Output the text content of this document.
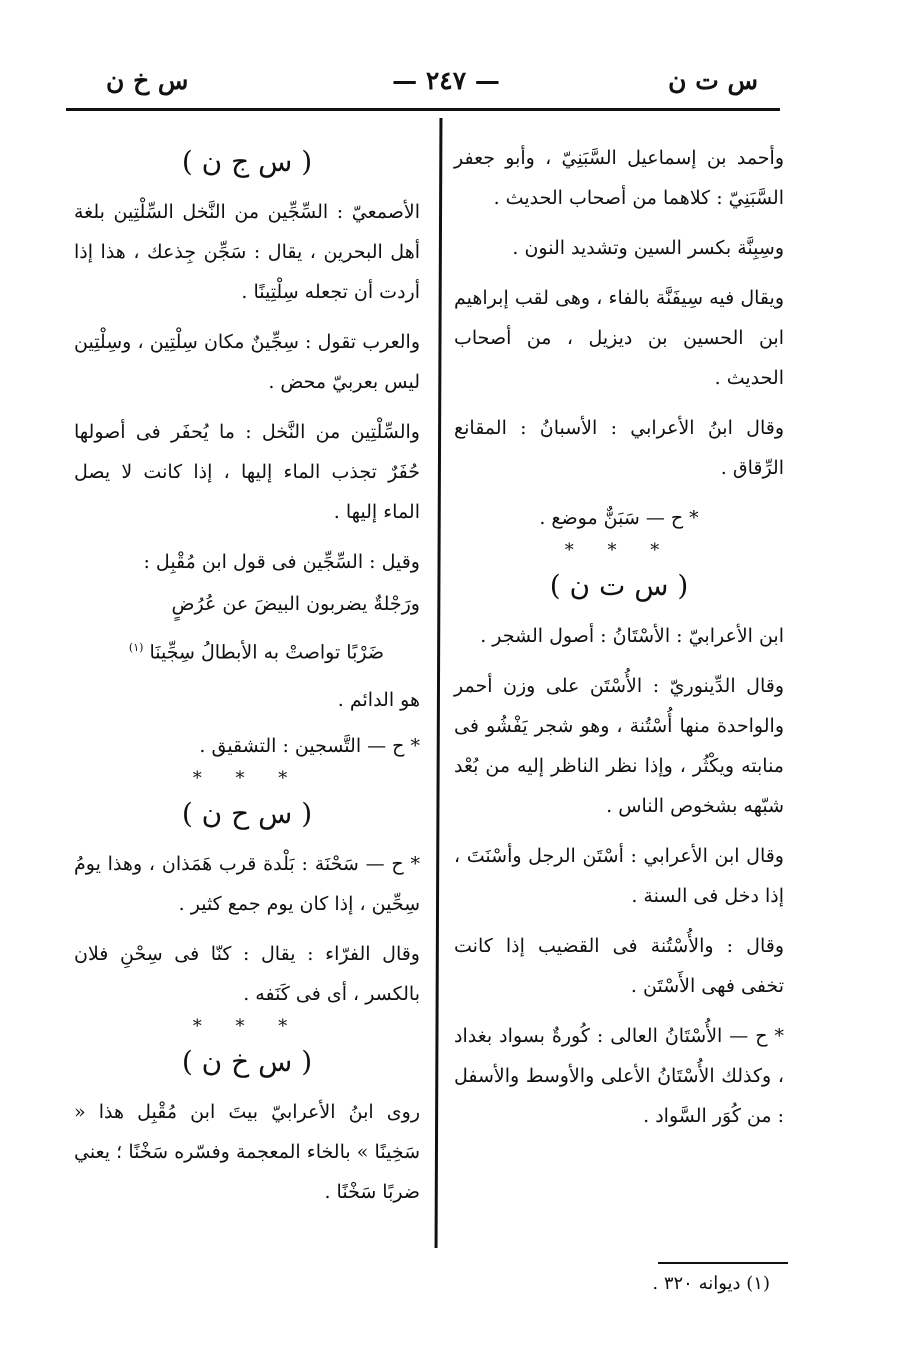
س ت ن
— ٢٤٧ —
س خ ن
وأحمد بن إسماعيل السَّبَنِيّ ، وأبو جعفر السَّبَنِيّ : كلاهما من أصحاب الحديث .
وسِبِنَّة بكسر السين وتشديد النون .
ويقال فيه سِيفَنَّة بالفاء ، وهى لقب إبراهيم ابن الحسين بن ديزيل ، من أصحاب الحديث .
وقال ابنُ الأعرابي : الأسبانُ : المقانع الرِّقاق .
* ح — سَبَنٌّ موضع .
* * *
( س ت ن )
ابن الأعرابيّ : الأسْتَانُ : أصول الشجر .
وقال الدِّينوريّ : الأُسْتَن على وزن أحمر والواحدة منها أُسْتُنة ، وهو شجر يَفْشُو فى منابته ويكْثُر ، وإذا نظر الناظر إليه من بُعْد شبّهه بشخوص الناس .
وقال ابن الأعرابي : أسْتَن الرجل وأسْنَتَ ، إذا دخل فى السنة .
وقال : والأُسْتُنة فى القضيب إذا كانت تخفى فهى الأَسْتَن .
* ح — الأُسْتَانُ العالى : كُورةٌ بسواد بغداد ، وكذلك الأُسْتَانُ الأعلى والأوسط والأسفل : من كُوَر السَّواد .
( س ج ن )
الأصمعيّ : السِّجِّين من النَّخل السِّلْتِين بلغة أهل البحرين ، يقال : سَجِّن جِذعك ، هذا إذا أردت أن تجعله سِلْتِينًا .
والعرب تقول : سِجِّينٌ مكان سِلْتِين ، وسِلْتِين ليس بعربيّ محض .
والسِّلْتِين من النَّخل : ما يُحفَر فى أصولها حُفَرٌ تجذب الماء إليها ، إذا كانت لا يصل الماء إليها .
وقيل : السِّجِّين فى قول ابن مُقْبِل :
ورَجْلةٌ يضربون البيضَ عن عُرُضٍ
ضَرْبًا تواصتْ به الأبطالُ سِجِّينَا $^{(١)}$
هو الدائم .
* ح — التَّسجين : التشقيق .
* * *
( س ح ن )
* ح — سَحْنَة : بَلْدة قرب هَمَذان ، وهذا يومُ سِحِّين ، إذا كان يوم جمع كثير .
وقال الفرّاء : يقال : كنّا فى سِحْنِ فلان بالكسر ، أى فى كَنَفه .
* * *
( س خ ن )
روى ابنُ الأعرابيّ بيتَ ابن مُقْبِل هذا « سَخِينًا » بالخاء المعجمة وفسّره سَخْنًا ؛ يعني ضربًا سَخْنًا .
(١) ديوانه ٣٢٠ .
